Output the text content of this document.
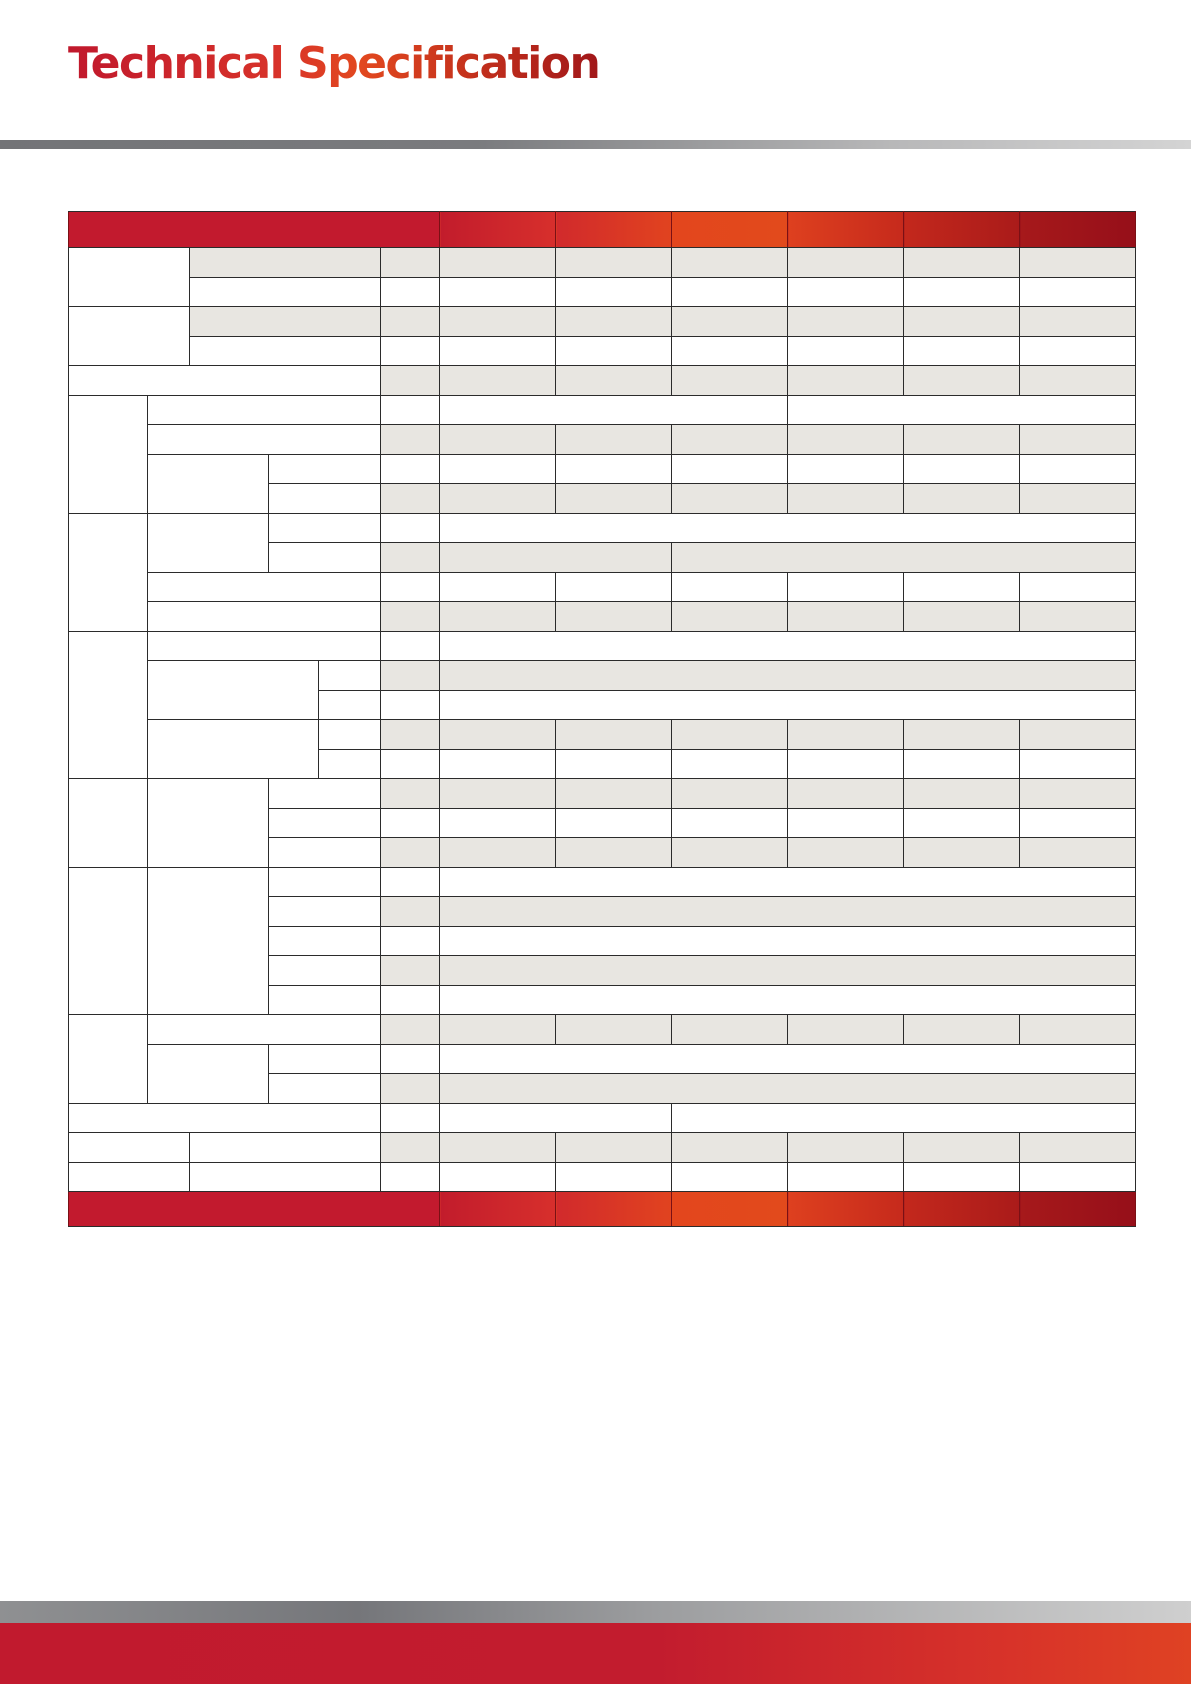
Technical Specification
